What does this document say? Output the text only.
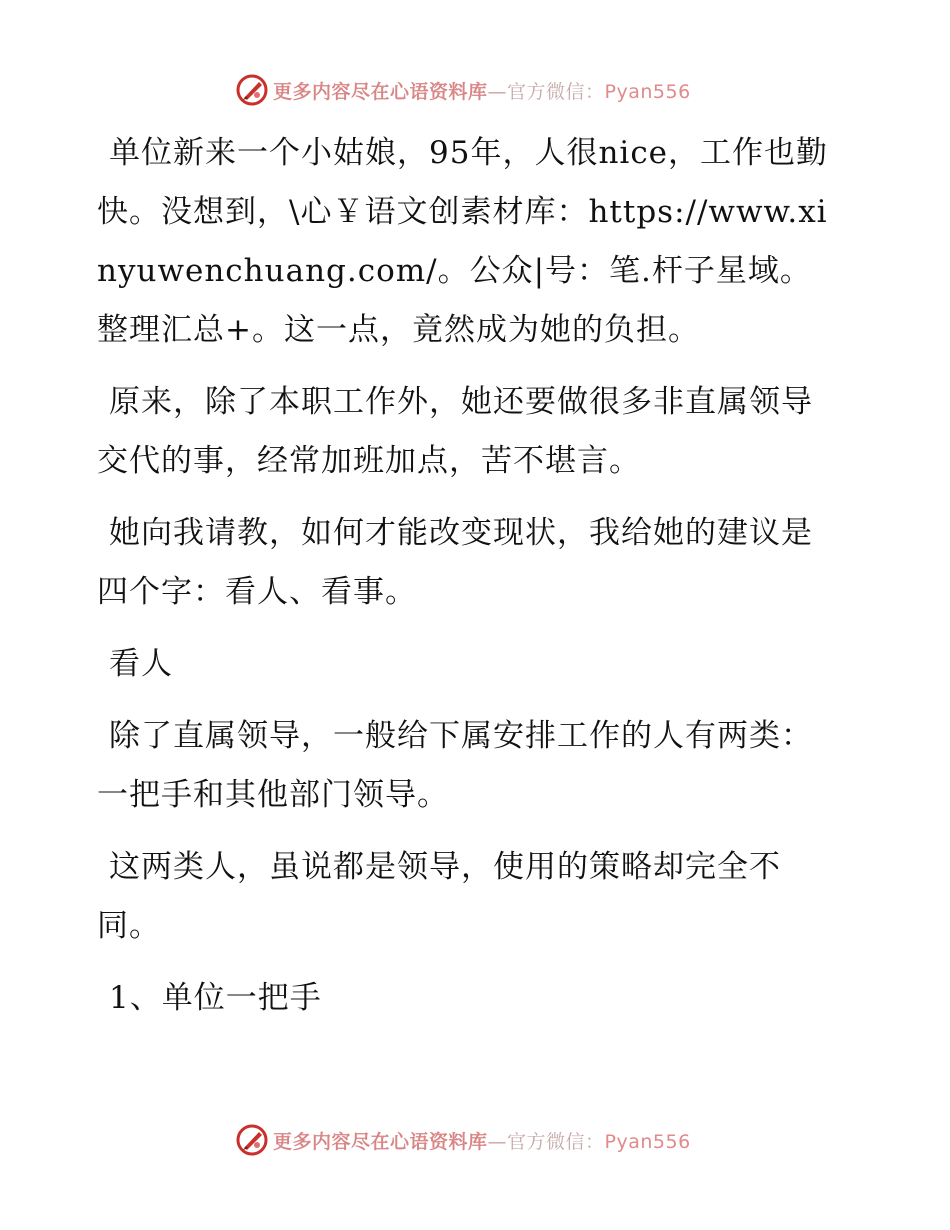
更多内容尽在心语资料库—官方微信：Pyan556

单位新来一个小姑娘，95年，人很nice，工作也勤快。没想到，\心￥语文创素材库：https://www.xinyuwenchuang.com/。公众|号：笔.杆子星域。整理汇总+。这一点，竟然成为她的负担。

原来，除了本职工作外，她还要做很多非直属领导交代的事，经常加班加点，苦不堪言。

她向我请教，如何才能改变现状，我给她的建议是四个字：看人、看事。

看人

除了直属领导，一般给下属安排工作的人有两类：一把手和其他部门领导。

这两类人，虽说都是领导，使用的策略却完全不同。

1、单位一把手

更多内容尽在心语资料库—官方微信：Pyan556
